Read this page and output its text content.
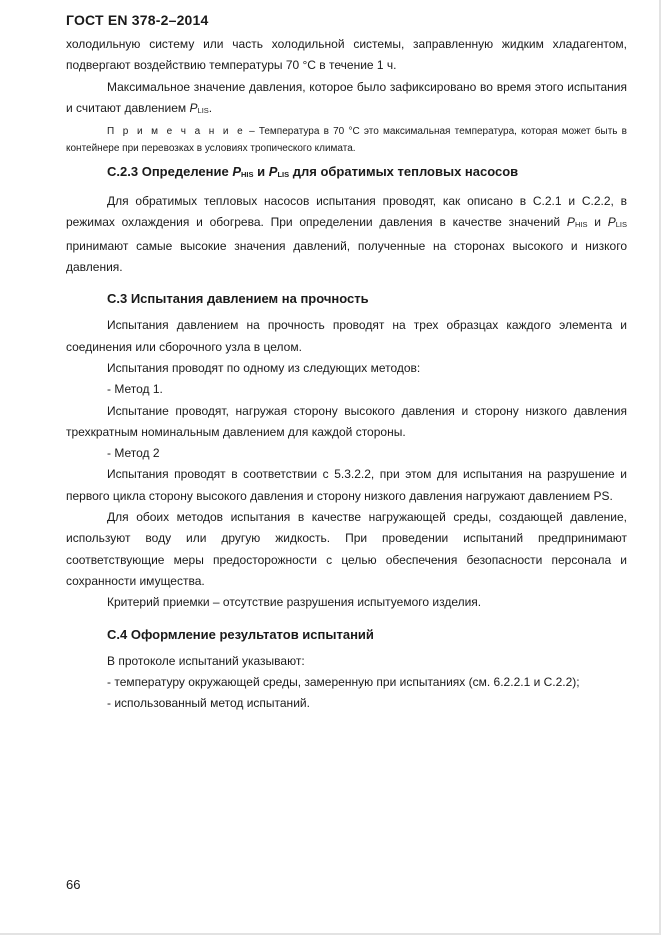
ГОСТ EN 378-2–2014

холодильную систему или часть холодильной системы, заправленную жидким хладагентом, подвергают воздействию температуры 70 °С в течение 1 ч.

Максимальное значение давления, которое было зафиксировано во время этого испытания и считают давлением PLIS.

П р и м е ч а н и е – Температура в 70 °С это максимальная температура, которая может быть в контейнере при перевозках в условиях тропического климата.

С.2.3 Определение PHIS и PLIS для обратимых тепловых насосов

Для обратимых тепловых насосов испытания проводят, как описано в С.2.1 и С.2.2, в режимах охлаждения и обогрева. При определении давления в качестве значений PHIS и PLIS принимают самые высокие значения давлений, полученные на сторонах высокого и низкого давления.

С.3 Испытания давлением на прочность

Испытания давлением на прочность проводят на трех образцах каждого элемента и соединения или сборочного узла в целом.

Испытания проводят по одному из следующих методов:

- Метод 1.

Испытание проводят, нагружая сторону высокого давления и сторону низкого давления трехкратным номинальным давлением для каждой стороны.

- Метод 2

Испытания проводят в соответствии с 5.3.2.2, при этом для испытания на разрушение и первого цикла сторону высокого давления и сторону низкого давления нагружают давлением PS.

Для обоих методов испытания в качестве нагружающей среды, создающей давление, используют воду или другую жидкость. При проведении испытаний предпринимают соответствующие меры предосторожности с целью обеспечения безопасности персонала и сохранности имущества.

Критерий приемки – отсутствие разрушения испытуемого изделия.

С.4 Оформление результатов испытаний

В протоколе испытаний указывают:

- температуру окружающей среды, замеренную при испытаниях (см. 6.2.2.1 и С.2.2);

- использованный метод испытаний.

66
